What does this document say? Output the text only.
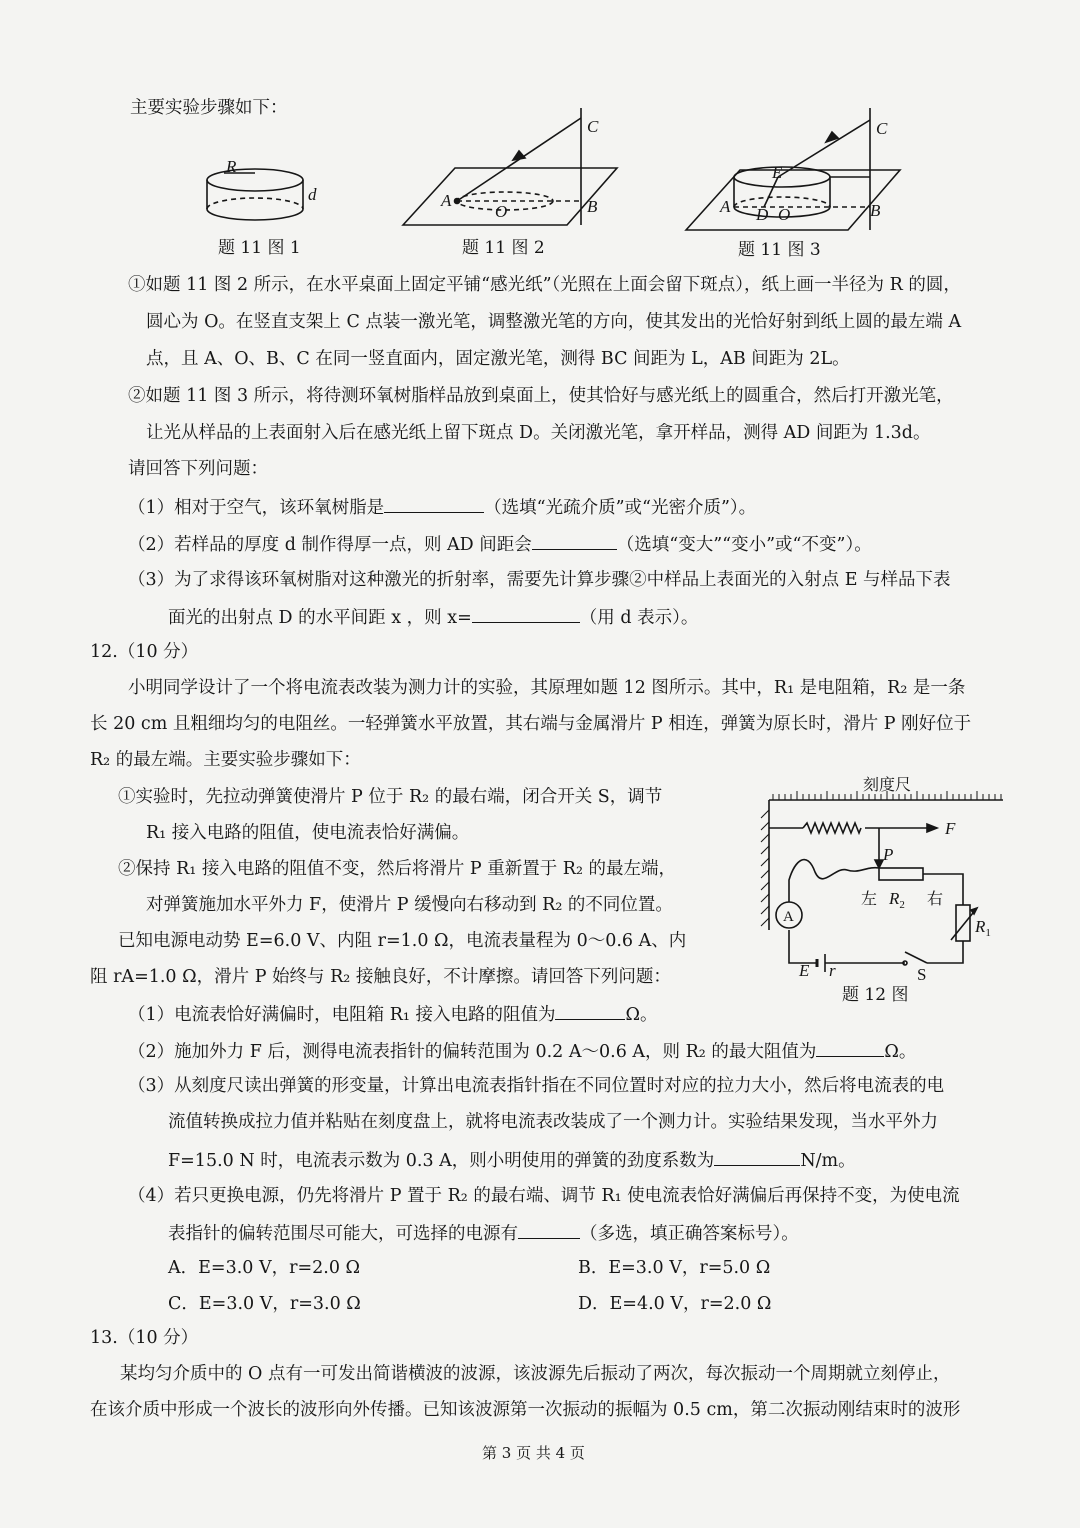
R
d
题 11 图 1
C
A
O	B
题 11 图 2
C
E
A D O	B
题 11 图 3
主要实验步骤如下：
①如题 11 图 2 所示，在水平桌面上固定平铺“感光纸”（光照在上面会留下斑点），纸上画一半径为 R 的圆，
圆心为 O。在竖直支架上 C 点装一激光笔，调整激光笔的方向，使其发出的光恰好射到纸上圆的最左端 A
点，且 A、O、B、C 在同一竖直面内，固定激光笔，测得 BC 间距为 L，AB 间距为 2L。
②如题 11 图 3 所示，将待测环氧树脂样品放到桌面上，使其恰好与感光纸上的圆重合，然后打开激光笔，
让光从样品的上表面射入后在感光纸上留下斑点 D。关闭激光笔，拿开样品，测得 AD 间距为 1.3d。
请回答下列问题：
（1）相对于空气，该环氧树脂是	（选填“光疏介质”或“光密介质”）。
（2）若样品的厚度 d 制作得厚一点，则 AD 间距会	（选填“变大”“变小”或“不变”）。
（3）为了求得该环氧树脂对这种激光的折射率，需要先计算步骤②中样品上表面光的入射点 E 与样品下表
面光的出射点 D 的水平间距 x ，则 x=	（用 d 表示）。
12.（10 分）
小明同学设计了一个将电流表改装为测力计的实验，其原理如题 12 图所示。其中，R₁ 是电阻箱，R₂ 是一条
长 20 cm 且粗细均匀的电阻丝。一轻弹簧水平放置，其右端与金属滑片 P 相连，弹簧为原长时，滑片 P 刚好位于
R₂ 的最左端。主要实验步骤如下：
①实验时，先拉动弹簧使滑片 P 位于 R₂ 的最右端，闭合开关 S，调节
R₁ 接入电路的阻值，使电流表恰好满偏。
②保持 R₁ 接入电路的阻值不变，然后将滑片 P 重新置于 R₂ 的最左端，
对弹簧施加水平外力 F，使滑片 P 缓慢向右移动到 R₂ 的不同位置。
已知电源电动势 E=6.0 V、内阻 r=1.0 Ω，电流表量程为 0～0.6 A、内
阻 rA=1.0 Ω，滑片 P 始终与 R₂ 接触良好，不计摩擦。请回答下列问题：
刻度尺
F
P
左 $R_2$ 右
$R_1$
A
E r	S
题 12 图
（1）电流表恰好满偏时，电阻箱 R₁ 接入电路的阻值为	Ω。
（2）施加外力 F 后，测得电流表指针的偏转范围为 0.2 A～0.6 A，则 R₂ 的最大阻值为	Ω。
（3）从刻度尺读出弹簧的形变量，计算出电流表指针指在不同位置时对应的拉力大小，然后将电流表的电
流值转换成拉力值并粘贴在刻度盘上，就将电流表改装成了一个测力计。实验结果发现，当水平外力
F=15.0 N 时，电流表示数为 0.3 A，则小明使用的弹簧的劲度系数为	N/m。
（4）若只更换电源，仍先将滑片 P 置于 R₂ 的最右端、调节 R₁ 使电流表恰好满偏后再保持不变，为使电流
表指针的偏转范围尽可能大，可选择的电源有	（多选，填正确答案标号）。
A．E=3.0 V，r=2.0 Ω	B．E=3.0 V，r=5.0 Ω
C．E=3.0 V，r=3.0 Ω	D．E=4.0 V，r=2.0 Ω
13.（10 分）
某均匀介质中的 O 点有一可发出简谐横波的波源，该波源先后振动了两次，每次振动一个周期就立刻停止，
在该介质中形成一个波长的波形向外传播。已知该波源第一次振动的振幅为 0.5 cm，第二次振动刚结束时的波形
第 3 页 共 4 页
